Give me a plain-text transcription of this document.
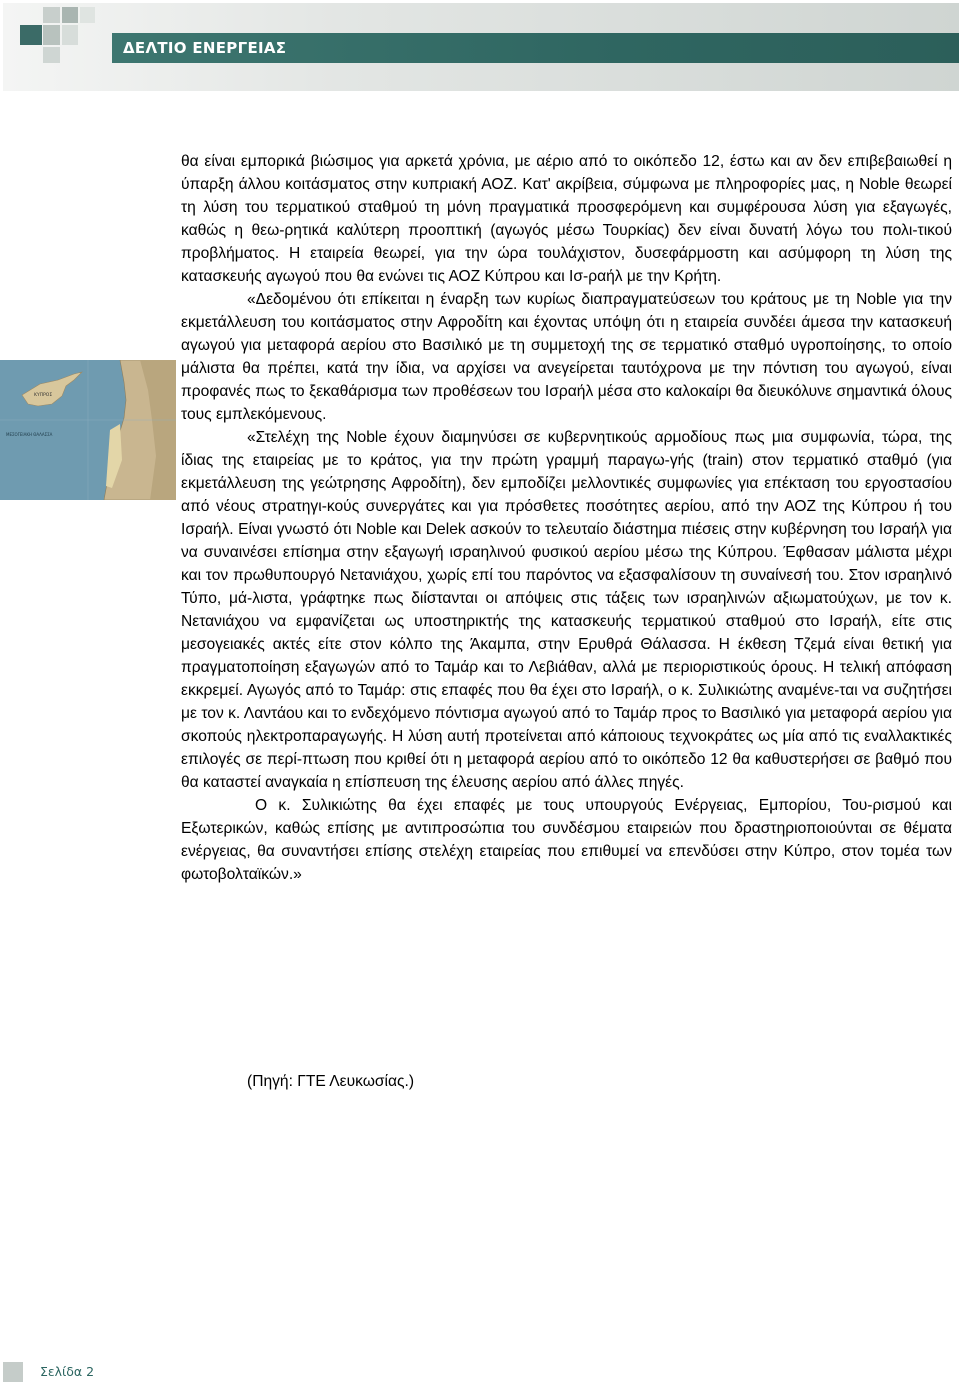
ΔΕΛΤΙΟ ΕΝΕΡΓΕΙΑΣ
ΚΥΠΡΟΣ
ΜΕΣΟΓΕΙΑΚΗ ΘΑΛΑΣΣΑ

θα είναι εμπορικά βιώσιμος για αρκετά χρόνια, με αέριο από το οικόπεδο 12, έστω και αν δεν επιβεβαιωθεί η ύπαρξη άλλου κοιτάσματος στην κυπριακή ΑΟΖ. Κατ' ακρίβεια, σύμφωνα με πληροφορίες μας, η Noble θεωρεί τη λύση του τερματικού σταθμού τη μόνη πραγματικά προσφερόμενη και συμφέρουσα λύση για εξαγωγές, καθώς η θεω-ρητικά καλύτερη προοπτική (αγωγός μέσω Τουρκίας) δεν είναι δυνατή λόγω του πολι-τικού προβλήματος. Η εταιρεία θεωρεί, για την ώρα τουλάχιστον, δυσεφάρμοστη και ασύμφορη τη λύση της κατασκευής αγωγού που θα ενώνει τις ΑΟΖ Κύπρου και Ισ-ραήλ με την Κρήτη.

«Δεδομένου ότι επίκειται η έναρξη των κυρίως διαπραγματεύσεων του κράτους με τη Noble για την εκμετάλλευση του κοιτάσματος στην Αφροδίτη και έχοντας υπόψη ότι η εταιρεία συνδέει άμεσα την κατασκευή αγωγού για μεταφορά αερίου στο Βασιλικό με τη συμμετοχή της σε τερματικό σταθμό υγροποίησης, το οποίο μάλιστα θα πρέπει, κατά την ίδια, να αρχίσει να ανεγείρεται ταυτόχρονα με την πόντιση του αγωγού, είναι προφανές πως το ξεκαθάρισμα των προθέσεων του Ισραήλ μέσα στο καλοκαίρι θα διευκόλυνε σημαντικά όλους τους εμπλεκόμενους.

«Στελέχη της Noble έχουν διαμηνύσει σε κυβερνητικούς αρμοδίους πως μια συμφωνία, τώρα, της ίδιας της εταιρείας με το κράτος, για την πρώτη γραμμή παραγω-γής (train) στον τερματικό σταθμό (για εκμετάλλευση της γεώτρησης Αφροδίτη), δεν εμποδίζει μελλοντικές συμφωνίες για επέκταση του εργοστασίου από νέους στρατηγι-κούς συνεργάτες και για πρόσθετες ποσότητες αερίου, από την ΑΟΖ της Κύπρου ή του Ισραήλ. Είναι γνωστό ότι Noble και Delek ασκούν το τελευταίο διάστημα πιέσεις στην κυβέρνηση του Ισραήλ για να συναινέσει επίσημα στην εξαγωγή ισραηλινού φυσικού αερίου μέσω της Κύπρου. Έφθασαν μάλιστα μέχρι και τον πρωθυπουργό Νετανιάχου, χωρίς επί του παρόντος να εξασφαλίσουν τη συναίνεσή του. Στον ισραηλινό Τύπο, μά-λιστα, γράφτηκε πως διίστανται οι απόψεις στις τάξεις των ισραηλινών αξιωματούχων, με τον κ. Νετανιάχου να εμφανίζεται ως υποστηρικτής της κατασκευής τερματικού σταθμού στο Ισραήλ, είτε στις μεσογειακές ακτές είτε στον κόλπο της Άκαμπα, στην Ερυθρά Θάλασσα. Η έκθεση Τζεμά είναι θετική για πραγματοποίηση εξαγωγών από το Ταμάρ και το Λεβιάθαν, αλλά με περιοριστικούς όρους. Η τελική απόφαση εκκρεμεί. Αγωγός από το Ταμάρ: στις επαφές που θα έχει στο Ισραήλ, ο κ. Συλικιώτης αναμένε-ται να συζητήσει με τον κ. Λαντάου και το ενδεχόμενο πόντισμα αγωγού από το Ταμάρ προς το Βασιλικό για μεταφορά αερίου για σκοπούς ηλεκτροπαραγωγής. Η λύση αυτή προτείνεται από κάποιους τεχνοκράτες ως μία από τις εναλλακτικές επιλογές σε περί-πτωση που κριθεί ότι η μεταφορά αερίου από το οικόπεδο 12 θα καθυστερήσει σε βαθμό που θα καταστεί αναγκαία η επίσπευση της έλευσης αερίου από άλλες πηγές.

Ο κ. Συλικιώτης θα έχει επαφές με τους υπουργούς Ενέργειας, Εμπορίου, Του-ρισμού και Εξωτερικών, καθώς επίσης με αντιπροσώπια του συνδέσμου εταιρειών που δραστηριοποιούνται σε θέματα ενέργειας, θα συναντήσει επίσης στελέχη εταιρείας που επιθυμεί να επενδύσει στην Κύπρο, στον τομέα των φωτοβολταϊκών.»

(Πηγή: ΓΤΕ Λευκωσίας.)
Σελίδα 2
